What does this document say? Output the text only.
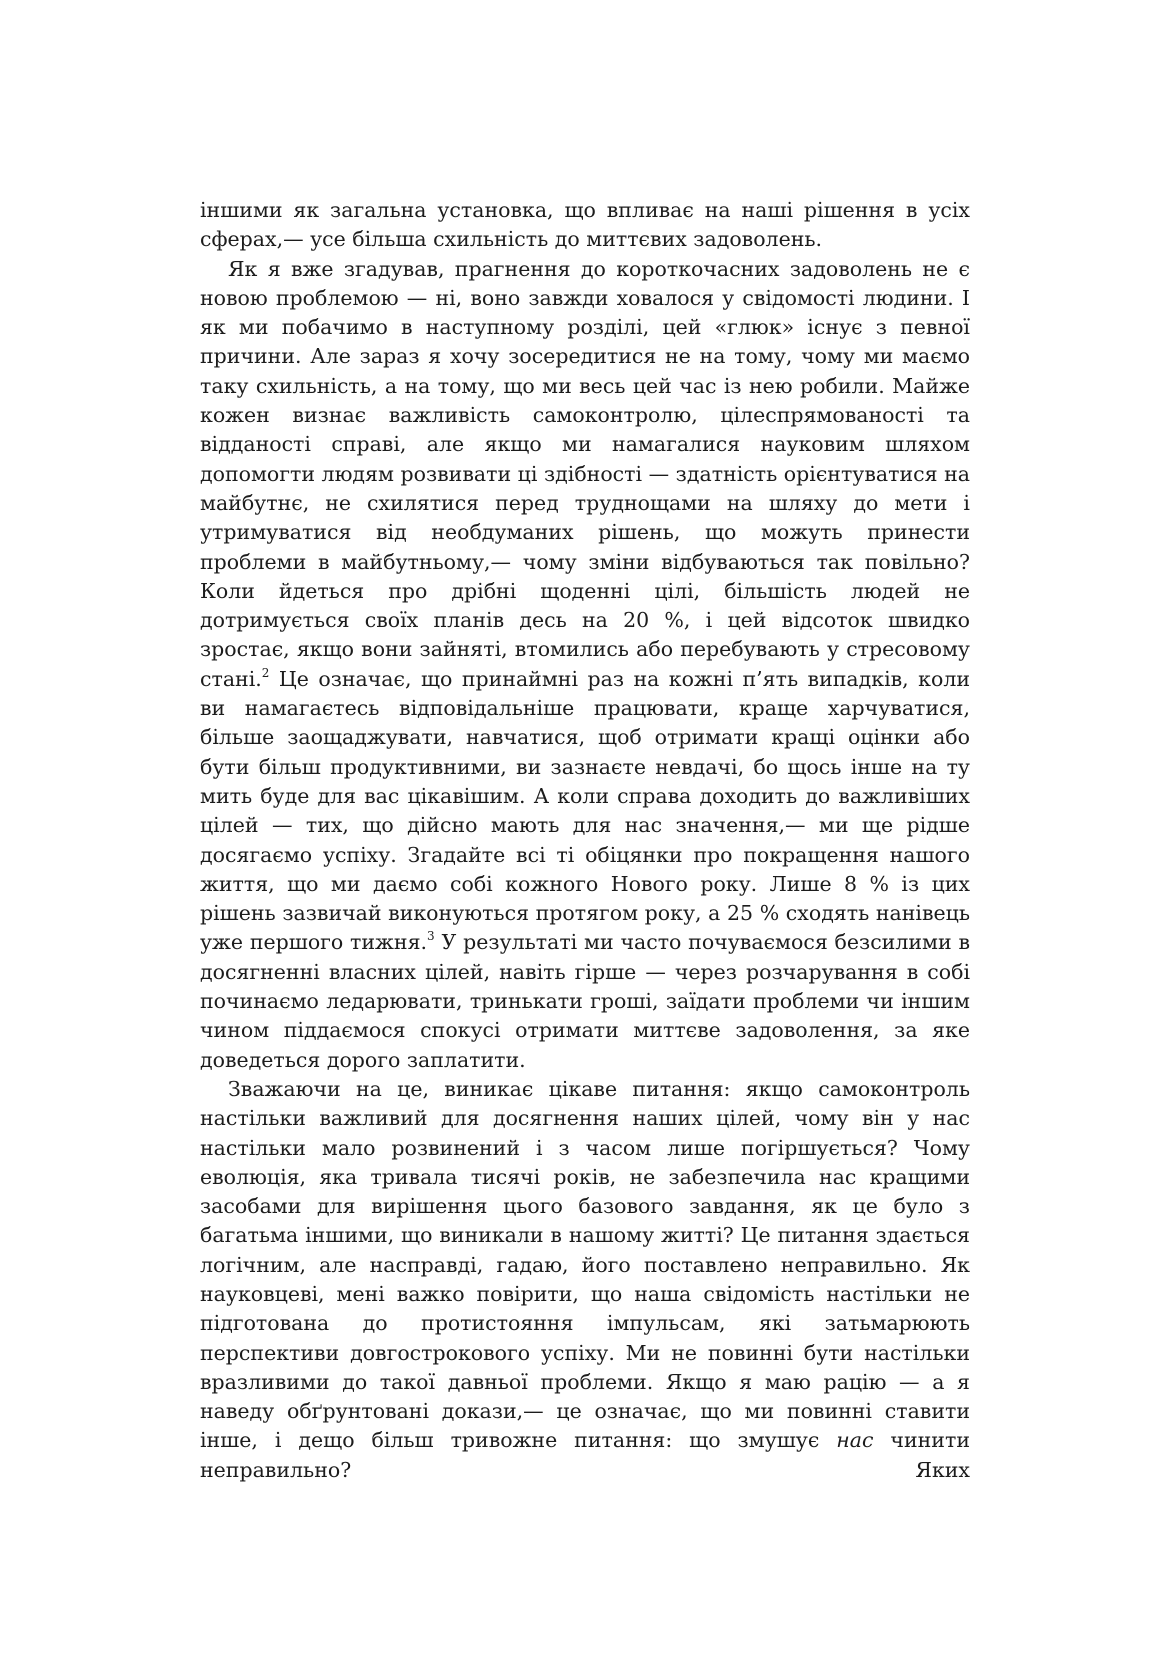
іншими як загальна установка, що впливає на наші рішення в усіх сферах,— усе більша схильність до миттєвих задоволень.

Як я вже згадував, прагнення до короткочасних задоволень не є новою проблемою — ні, воно завжди ховалося у свідомості людини. І як ми побачимо в наступному розділі, цей «глюк» існує з певної причини. Але зараз я хочу зосередитися не на тому, чому ми маємо таку схильність, а на тому, що ми весь цей час із нею робили. Майже кожен визнає важливість самоконтролю, цілеспрямованості та відданості справі, але якщо ми намагалися науковим шляхом допомогти людям розвивати ці здібності — здатність орієнтуватися на майбутнє, не схилятися перед труднощами на шляху до мети і утримуватися від необдуманих рішень, що можуть принести проблеми в майбутньому,— чому зміни відбуваються так повільно? Коли йдеться про дрібні щоденні цілі, більшість людей не дотримується своїх планів десь на 20 %, і цей відсоток швидко зростає, якщо вони зайняті, втомились або перебувають у стресовому стані.$^2$ Це означає, що принаймні раз на кожні п’ять випадків, коли ви намагаєтесь відповідальніше працювати, краще харчуватися, більше заощаджувати, навчатися, щоб отримати кращі оцінки або бути більш продуктивними, ви зазнаєте невдачі, бо щось інше на ту мить буде для вас цікавішим. А коли справа доходить до важливіших цілей — тих, що дійсно мають для нас значення,— ми ще рідше досягаємо успіху. Згадайте всі ті обіцянки про покращення нашого життя, що ми даємо собі кожного Нового року. Лише 8 % із цих рішень зазвичай виконуються протягом року, а 25 % сходять нанівець уже першого тижня.$^3$ У результаті ми часто почуваємося безсилими в досягненні власних цілей, навіть гірше — через розчарування в собі починаємо ледарювати, тринькати гроші, заїдати проблеми чи іншим чином піддаємося спокусі отримати миттєве задоволення, за яке доведеться дорого заплатити.

Зважаючи на це, виникає цікаве питання: якщо самоконтроль настільки важливий для досягнення наших цілей, чому він у нас настільки мало розвинений і з часом лише погіршується? Чому еволюція, яка тривала тисячі років, не забезпечила нас кращими засобами для вирішення цього базового завдання, як це було з багатьма іншими, що виникали в нашому житті? Це питання здається логічним, але насправді, гадаю, його поставлено неправильно. Як науковцеві, мені важко повірити, що наша свідомість настільки не підготована до протистояння імпульсам, які затьмарюють перспективи довгострокового успіху. Ми не повинні бути настільки вразливими до такої давньої проблеми. Якщо я маю рацію — а я наведу обґрунтовані докази,— це означає, що ми повинні ставити інше, і дещо більш тривожне питання: що змушує нас чинити неправильно? Яких
